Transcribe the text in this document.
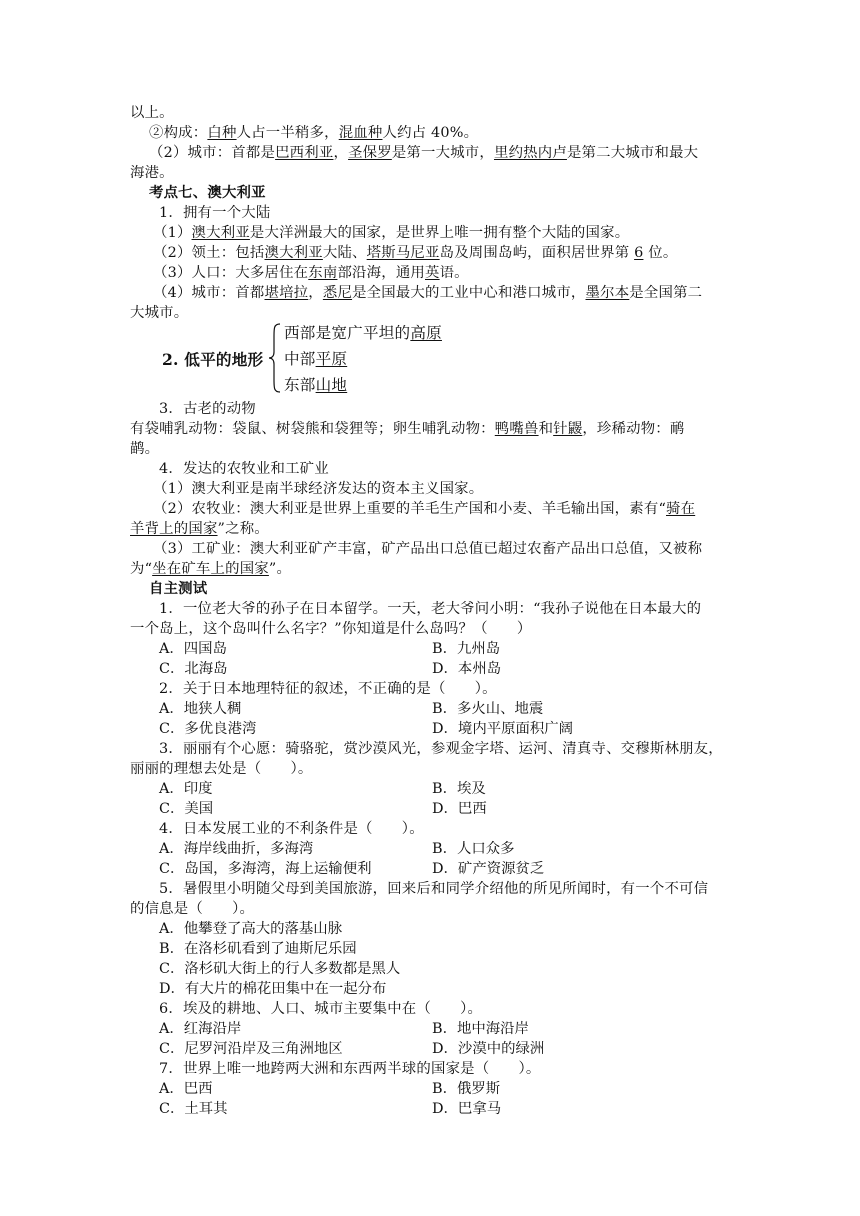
以上。
②构成：白种人占一半稍多，混血种人约占 40%。
（2）城市：首都是巴西利亚，圣保罗是第一大城市，里约热内卢是第二大城市和最大
海港。
考点七、澳大利亚
1．拥有一个大陆
（1）澳大利亚是大洋洲最大的国家，是世界上唯一拥有整个大陆的国家。
（2）领土：包括澳大利亚大陆、塔斯马尼亚岛及周围岛屿，面积居世界第 6 位。
（3）人口：大多居住在东南部沿海，通用英语。
（4）城市：首都堪培拉，悉尼是全国最大的工业中心和港口城市，墨尔本是全国第二
大城市。
2. 低平的地形
西部是宽广平坦的高原
中部平原
东部山地
3．古老的动物
有袋哺乳动物：袋鼠、树袋熊和袋狸等；卵生哺乳动物：鸭嘴兽和针鼹，珍稀动物：鸸
鹋。
4．发达的农牧业和工矿业
（1）澳大利亚是南半球经济发达的资本主义国家。
（2）农牧业：澳大利亚是世界上重要的羊毛生产国和小麦、羊毛输出国，素有“骑在
羊背上的国家”之称。
（3）工矿业：澳大利亚矿产丰富，矿产品出口总值已超过农畜产品出口总值，又被称
为“坐在矿车上的国家”。
自主测试
1．一位老大爷的孙子在日本留学。一天，老大爷问小明：“我孙子说他在日本最大的
一个岛上，这个岛叫什么名字？”你知道是什么岛吗？（　　）
A．四国岛	B．九州岛
C．北海岛	D．本州岛
2．关于日本地理特征的叙述，不正确的是（　　）。
A．地狭人稠	B．多火山、地震
C．多优良港湾	D．境内平原面积广阔
3．丽丽有个心愿：骑骆驼，赏沙漠风光，参观金字塔、运河、清真寺、交穆斯林朋友，
丽丽的理想去处是（　　）。
A．印度	B．埃及
C．美国	D．巴西
4．日本发展工业的不利条件是（　　）。
A．海岸线曲折，多海湾	B．人口众多
C．岛国，多海湾，海上运输便利	D．矿产资源贫乏
5．暑假里小明随父母到美国旅游，回来后和同学介绍他的所见所闻时，有一个不可信
的信息是（　　）。
A．他攀登了高大的落基山脉
B．在洛杉矶看到了迪斯尼乐园
C．洛杉矶大街上的行人多数都是黑人
D．有大片的棉花田集中在一起分布
6．埃及的耕地、人口、城市主要集中在（　　）。
A．红海沿岸	B．地中海沿岸
C．尼罗河沿岸及三角洲地区	D．沙漠中的绿洲
7．世界上唯一地跨两大洲和东西两半球的国家是（　　）。
A．巴西	B．俄罗斯
C．土耳其	D．巴拿马
